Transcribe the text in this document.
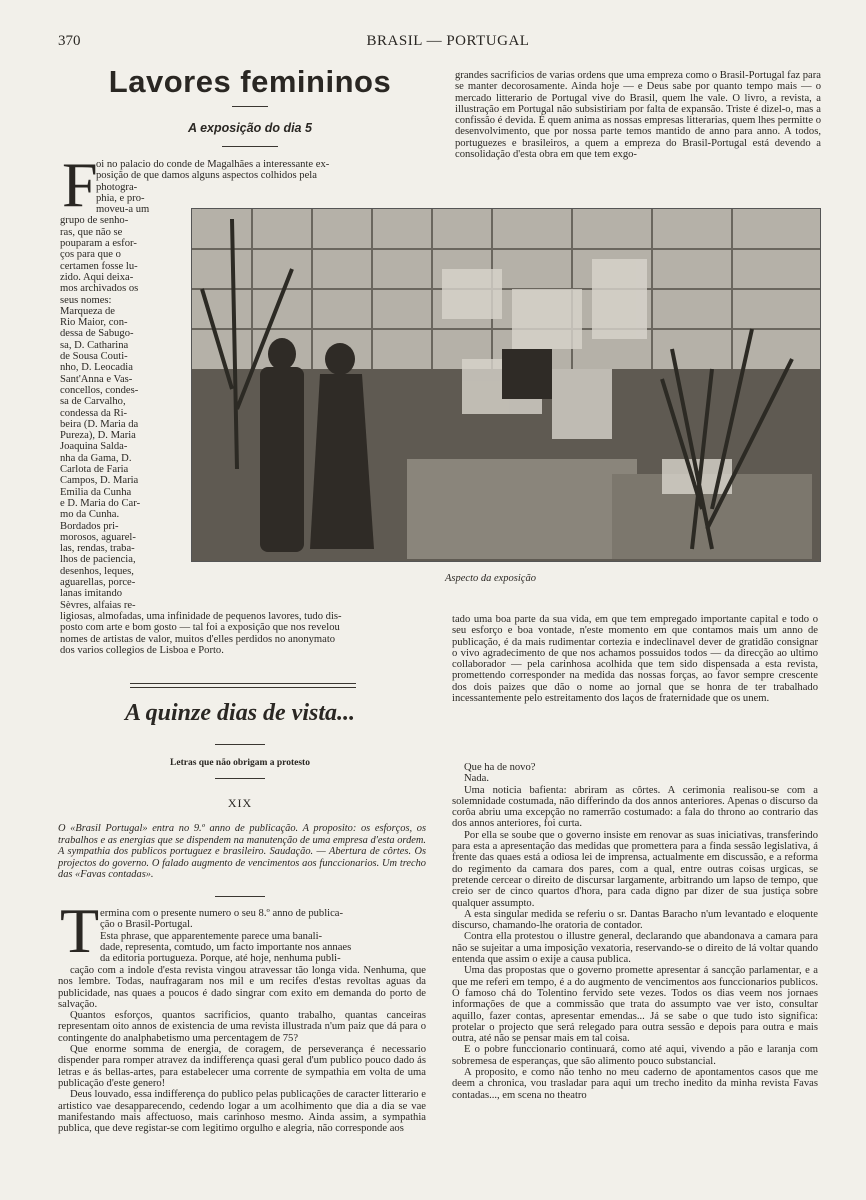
370	BRASIL — PORTUGAL
Lavores femininos
A exposição do dia 5
F
oi no palacio do conde de Magalhães a interessante ex-
posição de que damos alguns aspectos colhidos pela
photogra-
phia, e pro-
moveu-a um
grupo de senho-
ras, que não se
pouparam a esfor-
ços para que o
certamen fosse lu-
zido. Aqui deixa-
mos archivados os
seus nomes:
Marqueza de
Rio Maior, con-
dessa de Sabugo-
sa, D. Catharina
de Sousa Couti-
nho, D. Leocadia
Sant'Anna e Vas-
concellos, condes-
sa de Carvalho,
condessa da Ri-
beira (D. Maria da
Pureza), D. Maria
Joaquina Salda-
nha da Gama, D.
Carlota de Faria
Campos, D. Maria
Emilia da Cunha
e D. Maria do Car-
mo da Cunha.
Bordados pri-
morosos, aguarel-
las, rendas, traba-
lhos de paciencia,
desenhos, leques,
aguarellas, porce-
lanas imitando
Sèvres, alfaias re-
ligiosas, almofadas, uma infinidade de pequenos lavores, tudo dis-
posto com arte e bom gosto — tal foi a exposição que nos revelou
nomes de artistas de valor, muitos d'elles perdidos no anonymato
dos varios collegios de Lisboa e Porto.

grandes sacrificios de varias ordens que uma empreza como o Brasil-Portugal faz para se manter decorosamente. Ainda hoje — e Deus sabe por quanto tempo mais — o mercado litterario de Portugal vive do Brasil, quem lhe vale. O livro, a revista, a illustração em Portugal não subsistiriam por falta de expansão. Triste é dizel-o, mas a confissão é devida. É quem anima as nossas empresas litterarias, quem lhes permitte o desenvolvimento, que por nossa parte temos mantido de anno para anno. A todos, portuguezes e brasileiros, a quem a empreza do Brasil-Portugal está devendo a consolidação d'esta obra em que tem exgo-

Aspecto da exposição

tado uma boa parte da sua vida, em que tem empregado importante capital e todo o seu esforço e boa vontade, n'este momento em que contamos mais um anno de publicação, é da mais rudimentar cortezia e indeclinavel dever de gratidão consignar o vivo agradecimento de que nos achamos possuidos todos — da direcção ao ultimo collaborador — pela carinhosa acolhida que tem sido dispensada a esta revista, promettendo corresponder na medida das nossas forças, ao favor sempre crescente dos dois paizes que dão o nome ao jornal que se honra de ter trabalhado incessantemente pelo estreitamento dos laços de fraternidade que os unem.

A quinze dias de vista...
Letras que não obrigam a protesto
XIX
O «Brasil Portugal» entra no 9.º anno de publicação. A proposito: os esforços, os trabalhos e as energias que se dispendem na manutenção de uma empresa d'esta ordem. A sympathia dos publicos portuguez e brasileiro. Saudação. — Abertura de côrtes. Os projectos do governo. O falado augmento de vencimentos aos funccionarios. Um trecho das «Favas contadas».
T ermina com o presente numero o seu 8.º anno de publica-
ção o Brasil-Portugal.
Esta phrase, que apparentemente parece uma banali-
dade, representa, comtudo, um facto importante nos annaes
da editoria portugueza. Porque, até hoje, nenhuma publi-

cação com a indole d'esta revista vingou atravessar tão longa vida. Nenhuma, que nos lembre. Todas, naufragaram nos mil e um recifes d'estas revoltas aguas da publicidade, nas quaes a poucos é dado singrar com exito em demanda do porto de salvação.

Quantos esforços, quantos sacrificios, quanto trabalho, quantas canceiras representam oito annos de existencia de uma revista illustrada n'um paiz que dá para o contingente do analphabetismo uma percentagem de 75?

Que enorme somma de energia, de coragem, de perseverança é necessario dispender para romper atravez da indifferença quasi geral d'um publico pouco dado ás letras e ás bellas-artes, para estabelecer uma corrente de sympathia em volta de uma publicação d'este genero!

Deus louvado, essa indifferença do publico pelas publicações de caracter litterario e artistico vae desapparecendo, cedendo logar a um acolhimento que dia a dia se vae manifestando mais affectuoso, mais carinhoso mesmo. Ainda assim, a sympathia publica, que deve registar-se com legitimo orgulho e alegria, não corresponde aos

Que ha de novo?

Nada.

Uma noticia bafienta: abriram as côrtes. A cerimonia realisou-se com a solemnidade costumada, não differindo da dos annos anteriores. Apenas o discurso da corôa abriu uma excepção no ramerrão costumado: a fala do throno ao contrario das dos annos anteriores, foi curta.

Por ella se soube que o governo insiste em renovar as suas iniciativas, transferindo para esta a apresentação das medidas que promettera para a finda sessão legislativa, á frente das quaes está a odiosa lei de imprensa, actualmente em discussão, e a reforma do regimento da camara dos pares, com a qual, entre outras coisas urgicas, se pretende cercear o direito de discursar largamente, arbitrando um lapso de tempo, que creio ser de cinco quartos d'hora, para cada digno par dizer de sua justiça sobre qualquer assumpto.

A esta singular medida se referiu o sr. Dantas Baracho n'um levantado e eloquente discurso, chamando-lhe oratoria de contador.

Contra ella protestou o illustre general, declarando que abandonava a camara para não se sujeitar a uma imposição vexatoria, reservando-se o direito de lá voltar quando entenda que assim o exije a causa publica.

Uma das propostas que o governo promette apresentar á sancção parlamentar, e a que me referi em tempo, é a do augmento de vencimentos aos funccionarios publicos. O famoso chá do Tolentino fervido sete vezes. Todos os dias veem nos jornaes informações de que a commissão que trata do assumpto vae ver isto, consultar aquillo, fazer contas, apresentar emendas... Já se sabe o que tudo isto significa: protelar o projecto que será relegado para outra sessão e depois para outra e mais outra, até não se pensar mais em tal coisa.

E o pobre funccionario continuará, como até aqui, vivendo a pão e laranja com sobremesa de esperanças, que são alimento pouco substancial.

A proposito, e como não tenho no meu caderno de apontamentos casos que me deem a chronica, vou trasladar para aqui um trecho inedito da minha revista Favas contadas..., em scena no theatro
